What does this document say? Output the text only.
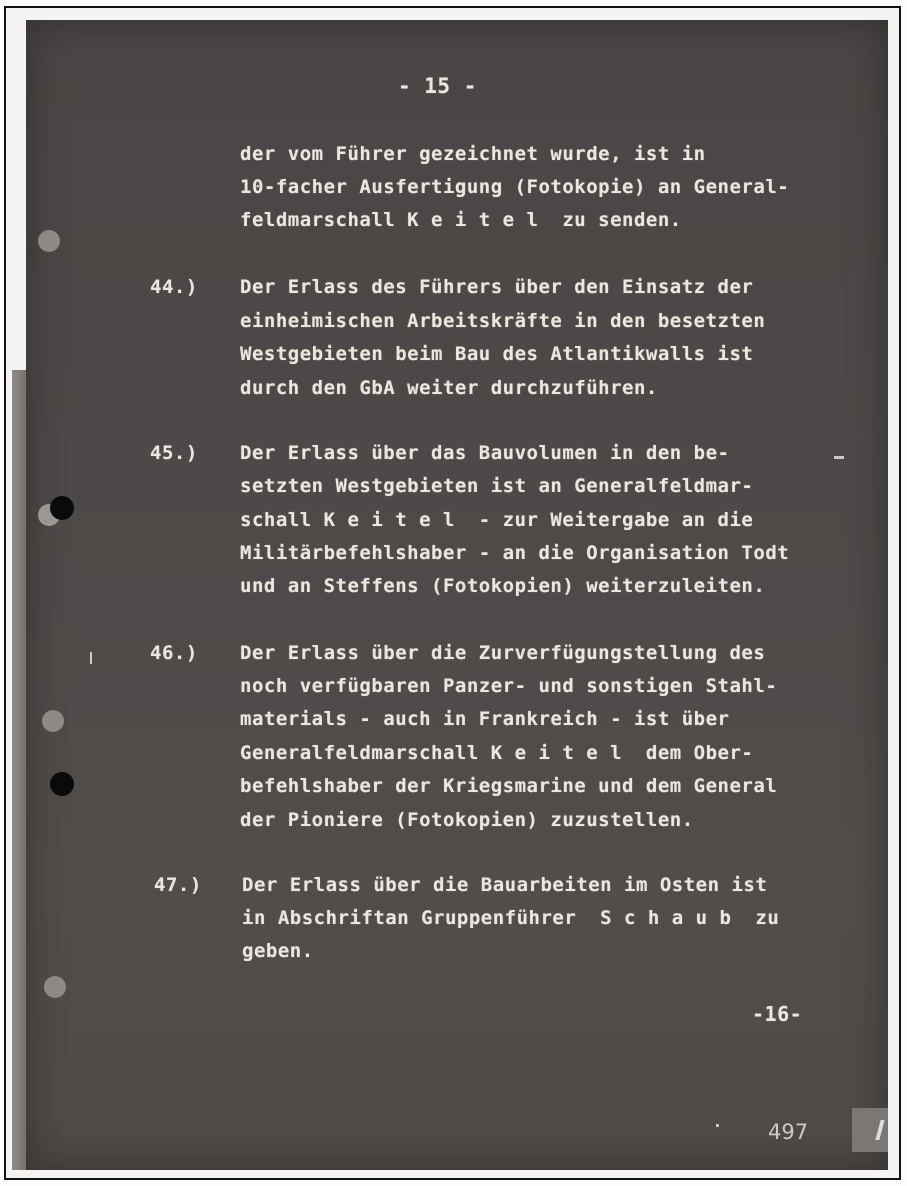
- 15 -
der vom Führer gezeichnet wurde, ist in
10-facher Ausfertigung (Fotokopie) an General-
feldmarschall K e i t e l  zu senden.
44.) Der Erlass des Führers über den Einsatz der
einheimischen Arbeitskräfte in den besetzten
Westgebieten beim Bau des Atlantikwalls ist
durch den GbA weiter durchzuführen.
45.) Der Erlass über das Bauvolumen in den be-
setzten Westgebieten ist an Generalfeldmar-
schall K e i t e l  - zur Weitergabe an die
Militärbefehlshaber - an die Organisation Todt
und an Steffens (Fotokopien) weiterzuleiten.
46.) Der Erlass über die Zurverfügungstellung des
noch verfügbaren Panzer- und sonstigen Stahl-
materials - auch in Frankreich - ist über
Generalfeldmarschall K e i t e l  dem Ober-
befehlshaber der Kriegsmarine und dem General
der Pioniere (Fotokopien) zuzustellen.
47.) Der Erlass über die Bauarbeiten im Osten ist
in Abschriftan Gruppenführer  S c h a u b  zu
geben.
-16-
497
